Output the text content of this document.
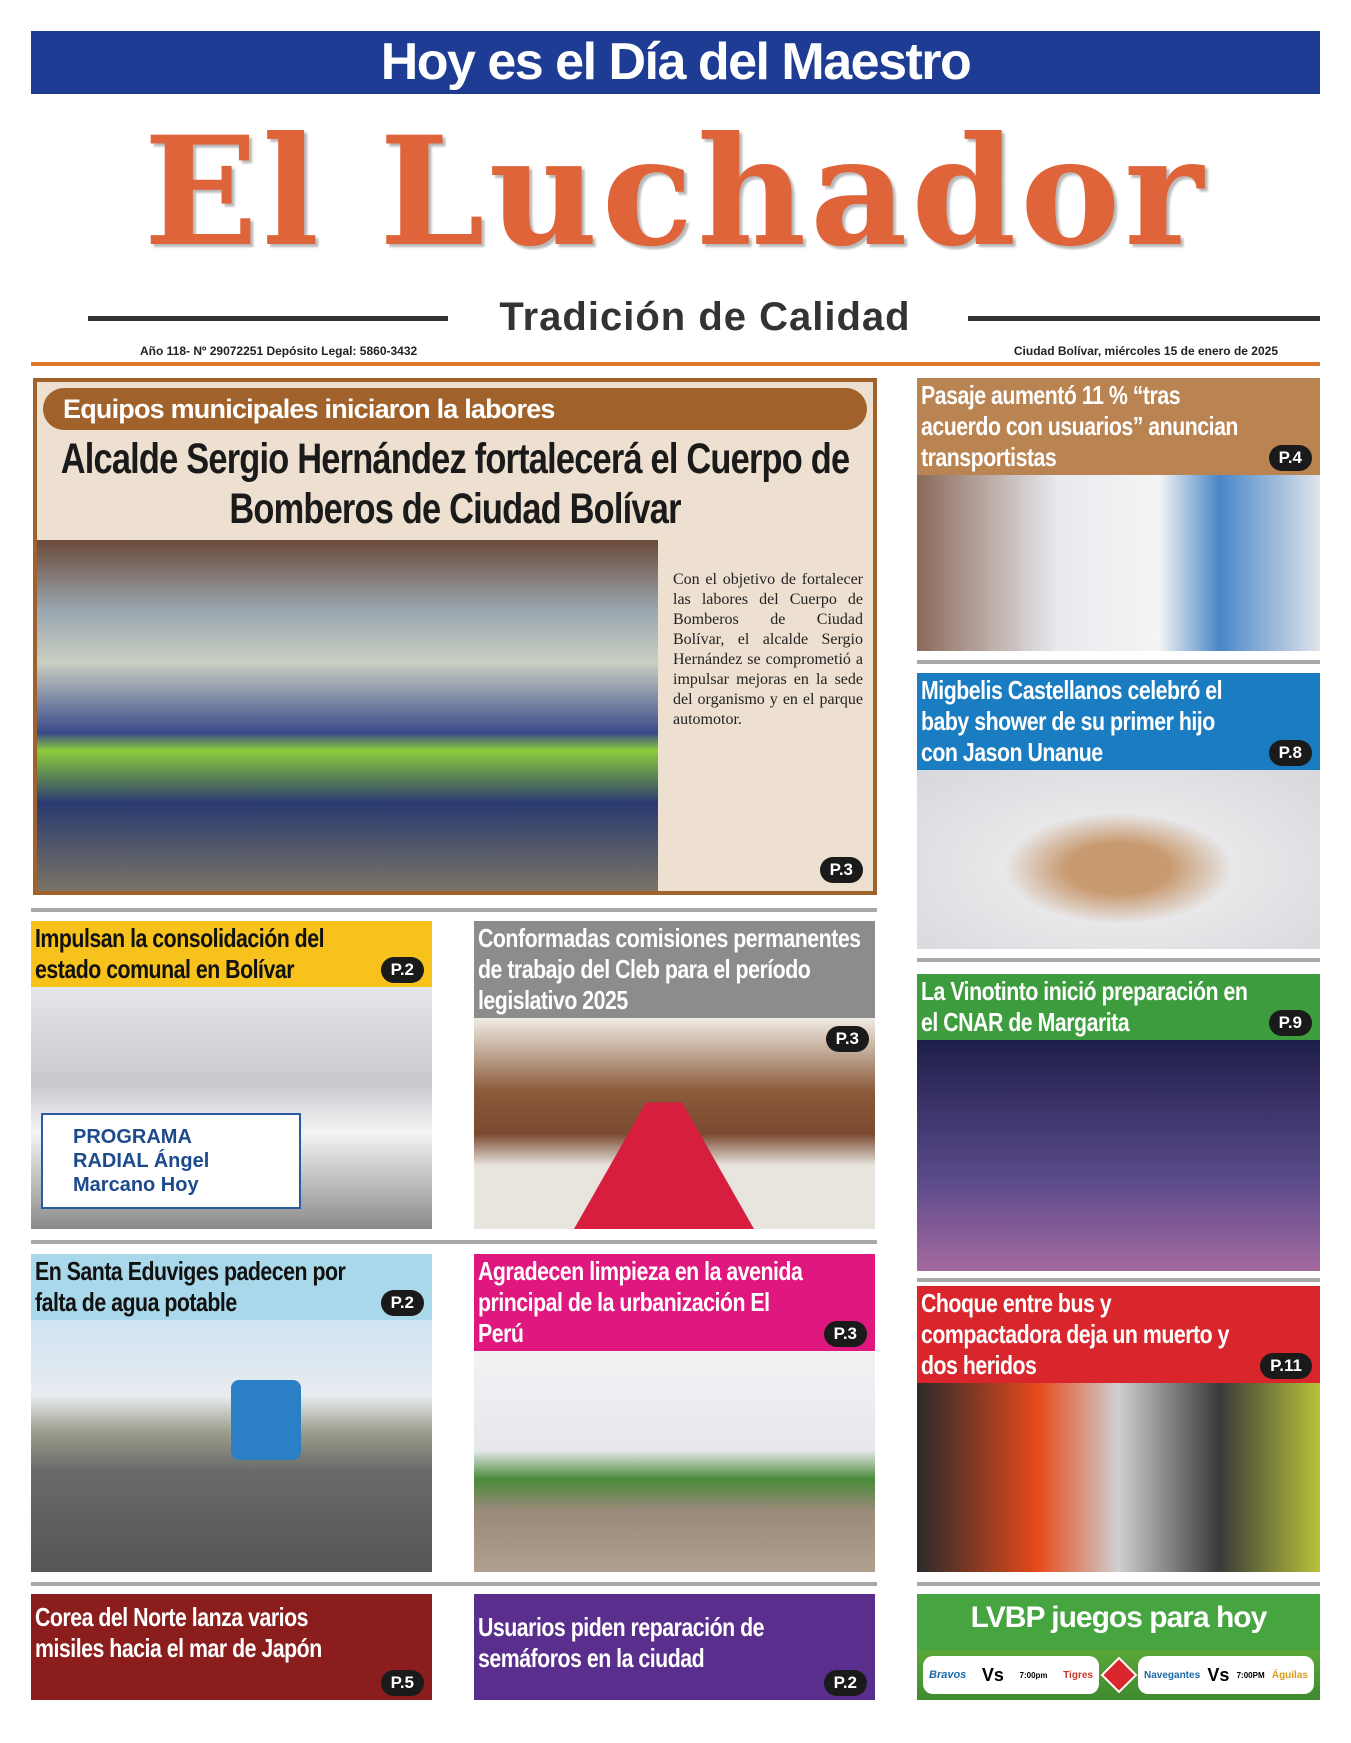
Hoy es el Día del Maestro
El Luchador
Tradición de Calidad
Año 118- Nº 29072251 Depósito Legal: 5860-3432	Ciudad Bolívar, miércoles 15 de enero de 2025
Equipos municipales iniciaron la labores
Alcalde Sergio Hernández fortalecerá el Cuerpo de Bomberos de Ciudad Bolívar
Con el objetivo de fortalecer las labores del Cuerpo de Bomberos de Ciudad Bolívar, el alcalde Sergio Hernández se comprometió a impulsar mejoras en la sede del organismo y en el parque automotor.
P.3
Pasaje aumentó 11 % “tras acuerdo con usuarios” anuncian transportistas	P.4
Migbelis Castellanos celebró el baby shower de su primer hijo con Jason Unanue	P.8
La Vinotinto inició preparación en el CNAR de Margarita	P.9
Choque entre bus y compactadora deja un muerto y dos heridos	P.11
Impulsan la consolidación del estado comunal en Bolívar	P.2
PROGRAMA RADIAL Ángel Marcano Hoy
Conformadas comisiones permanentes de trabajo del Cleb para el período legislativo 2025
P.3
En Santa Eduviges padecen por falta de agua potable	P.2
Agradecen limpieza en la avenida principal de la urbanización El Perú	P.3
Corea del Norte lanza varios misiles hacia el mar de Japón
P.5
Usuarios piden reparación de semáforos en la ciudad
P.2
LVBP juegos para hoy
Bravos Vs 7:00pm Tigres	Navegantes Vs 7:00PM Águilas
